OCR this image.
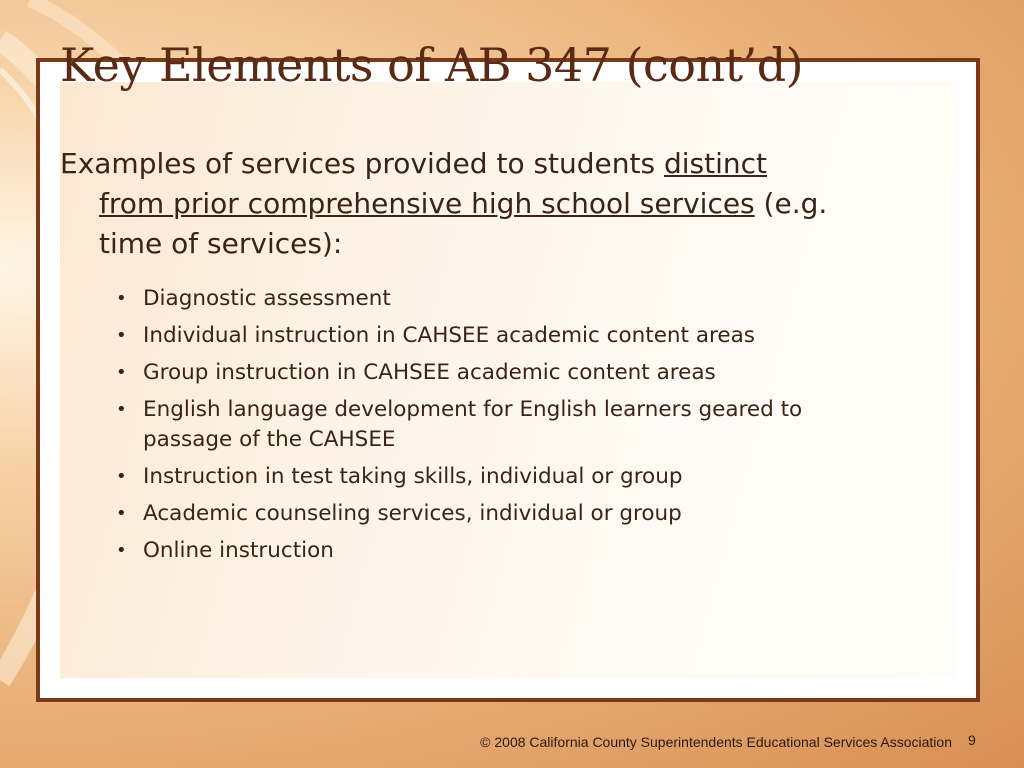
Key Elements of AB 347 (cont’d)

Examples of services provided to students distinct from prior comprehensive high school services (e.g. time of services):

• Diagnostic assessment
• Individual instruction in CAHSEE academic content areas
• Group instruction in CAHSEE academic content areas
• English language development for English learners geared to passage of the CAHSEE
• Instruction in test taking skills, individual or group
• Academic counseling services, individual or group
• Online instruction
© 2008 California County Superintendents Educational Services Association 9
